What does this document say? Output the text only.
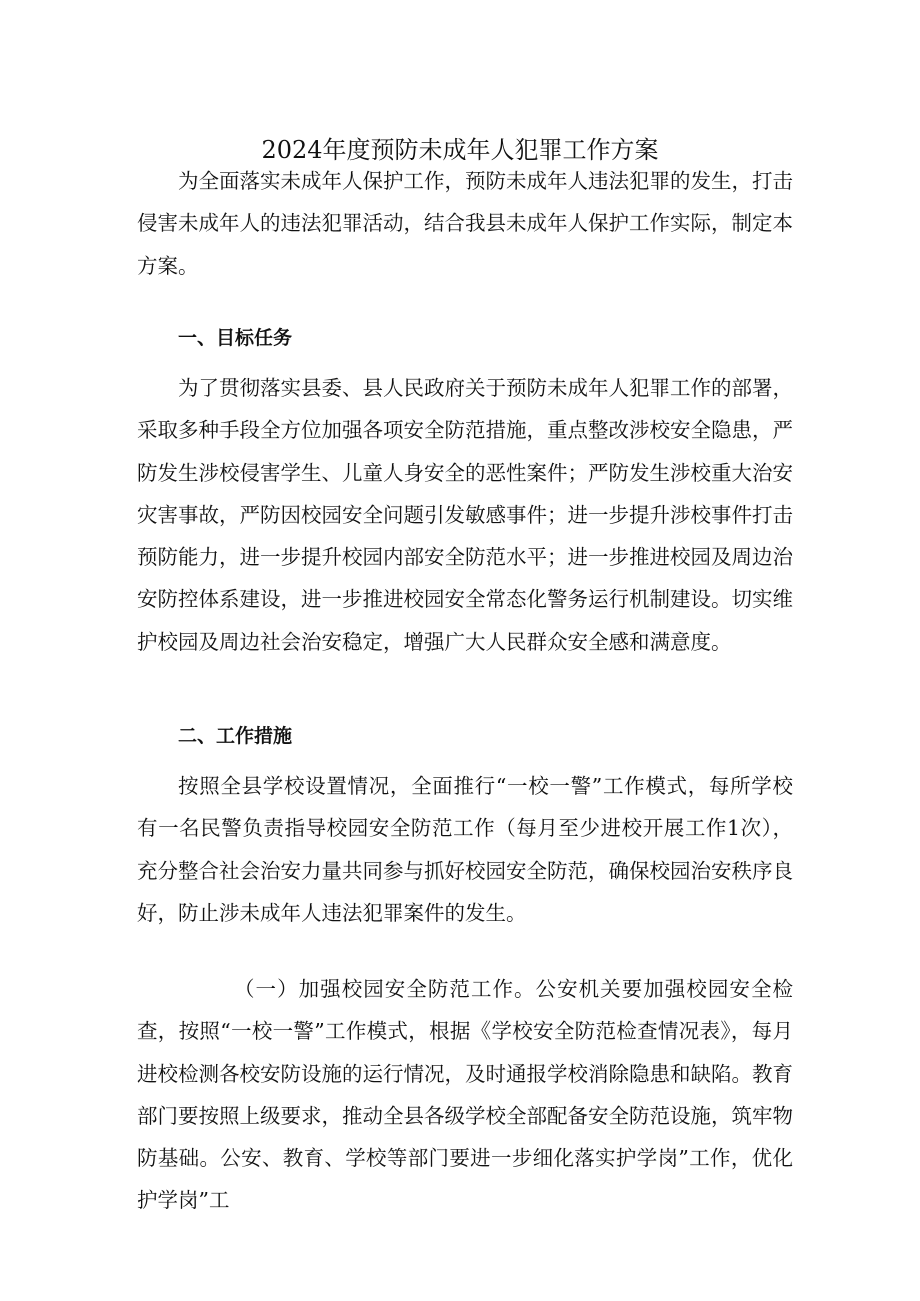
2024年度预防未成年人犯罪工作方案

为全面落实未成年人保护工作，预防未成年人违法犯罪的发生，打击侵害未成年人的违法犯罪活动，结合我县未成年人保护工作实际，制定本方案。

一、目标任务

为了贯彻落实县委、县人民政府关于预防未成年人犯罪工作的部署，采取多种手段全方位加强各项安全防范措施，重点整改涉校安全隐患，严防发生涉校侵害学生、儿童人身安全的恶性案件；严防发生涉校重大治安灾害事故，严防因校园安全问题引发敏感事件；进一步提升涉校事件打击预防能力，进一步提升校园内部安全防范水平；进一步推进校园及周边治安防控体系建设，进一步推进校园安全常态化警务运行机制建设。切实维护校园及周边社会治安稳定，增强广大人民群众安全感和满意度。

二、工作措施

按照全县学校设置情况，全面推行“一校一警”工作模式，每所学校有一名民警负责指导校园安全防范工作（每月至少进校开展工作1次），充分整合社会治安力量共同参与抓好校园安全防范，确保校园治安秩序良好，防止涉未成年人违法犯罪案件的发生。

（一）加强校园安全防范工作。公安机关要加强校园安全检查，按照“一校一警”工作模式，根据《学校安全防范检查情况表》，每月进校检测各校安防设施的运行情况，及时通报学校消除隐患和缺陷。教育部门要按照上级要求，推动全县各级学校全部配备安全防范设施，筑牢物防基础。公安、教育、学校等部门要进一步细化落实护学岗”工作，优化护学岗”工
